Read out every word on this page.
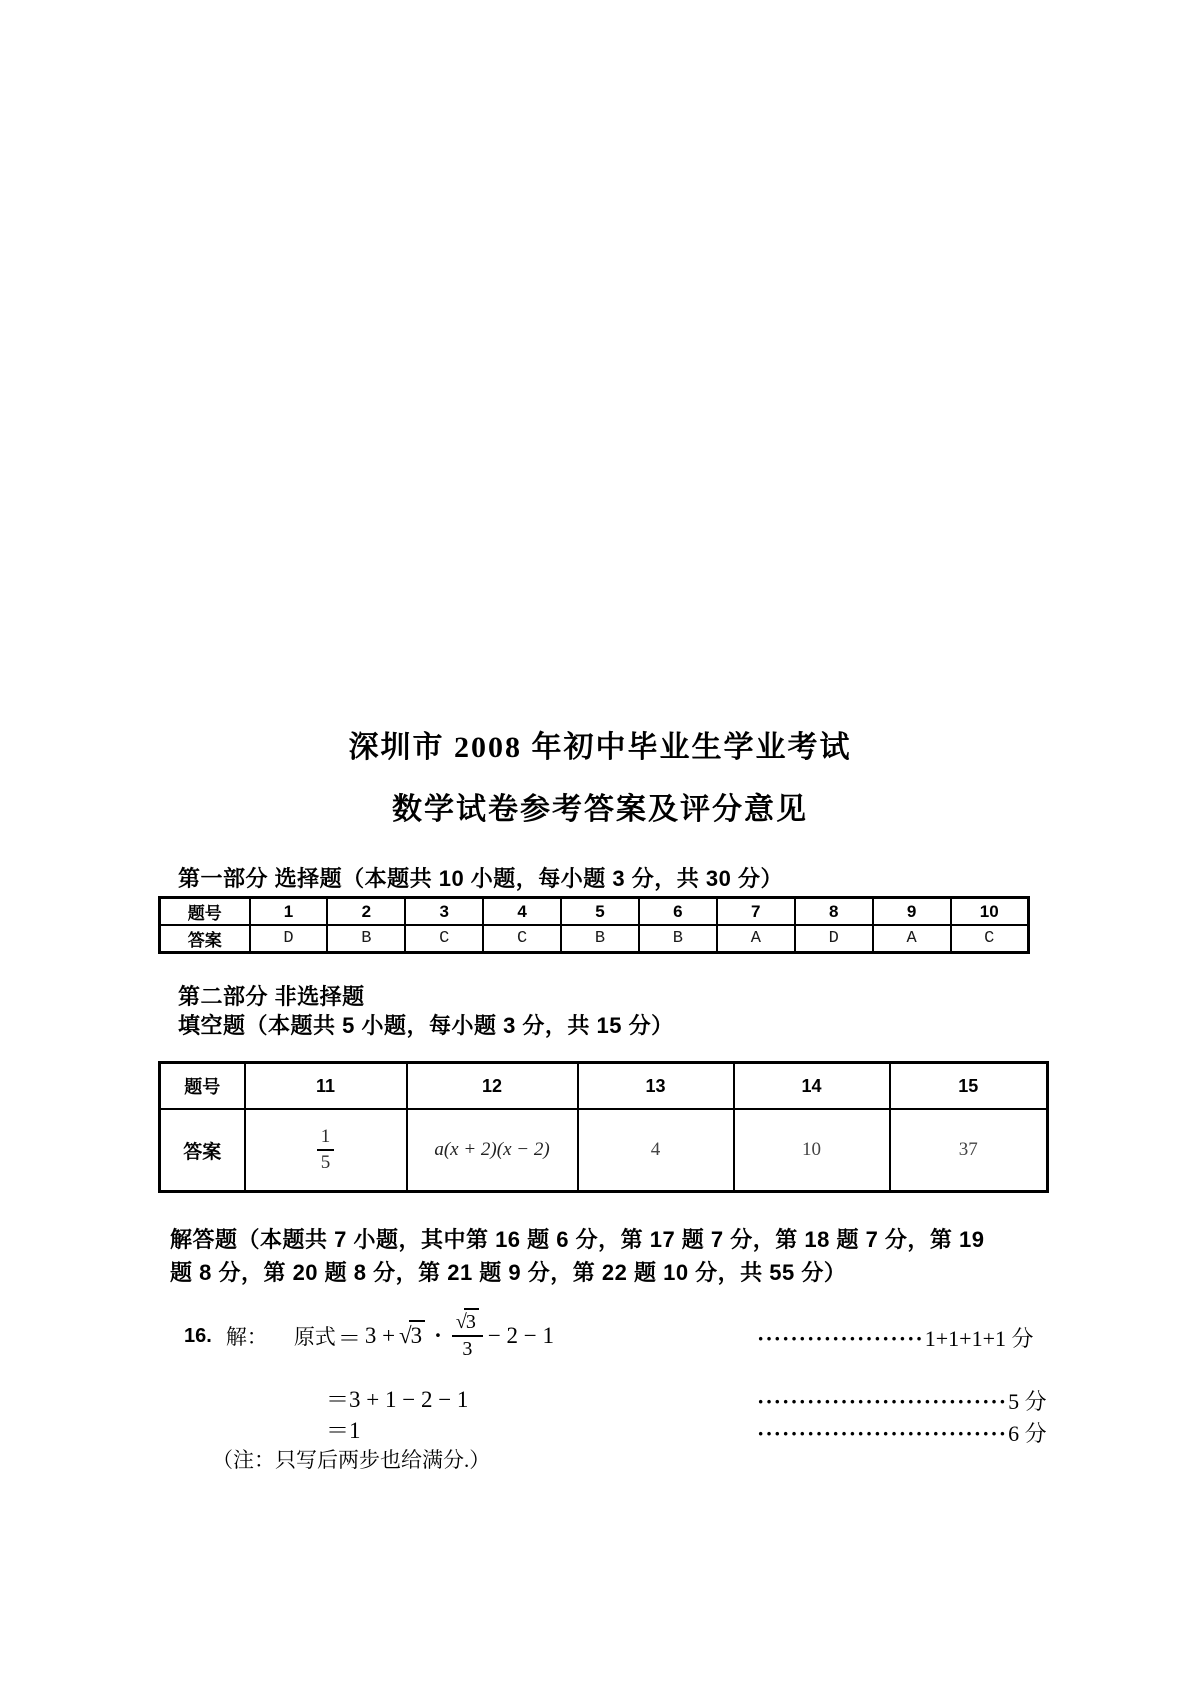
深圳市 2008 年初中毕业生学业考试
数学试卷参考答案及评分意见
第一部分 选择题（本题共 10 小题，每小题 3 分，共 30 分）
题号	1	2	3	4	5	6	7	8	9	10
答案	D	B	C	C	B	B	A	D	A	C
第二部分 非选择题
填空题（本题共 5 小题，每小题 3 分，共 15 分）
题号	11	12	13	14	15
答案	$\frac{1}{5}$	a(x + 2)(x − 2)	4	10	37
解答题（本题共 7 小题，其中第 16 题 6 分，第 17 题 7 分，第 18 题 7 分，第 19
题 8 分，第 20 题 8 分，第 21 题 9 分，第 22 题 10 分，共 55 分）
16. 解： 原式 ＝ $3 + √3 \cdot \frac{√3}{3} - 2 - 1$	···················· 1+1+1+1 分
＝3 + 1 − 2 − 1	······························ 5 分
＝1	······························ 6 分
（注：只写后两步也给满分.）
